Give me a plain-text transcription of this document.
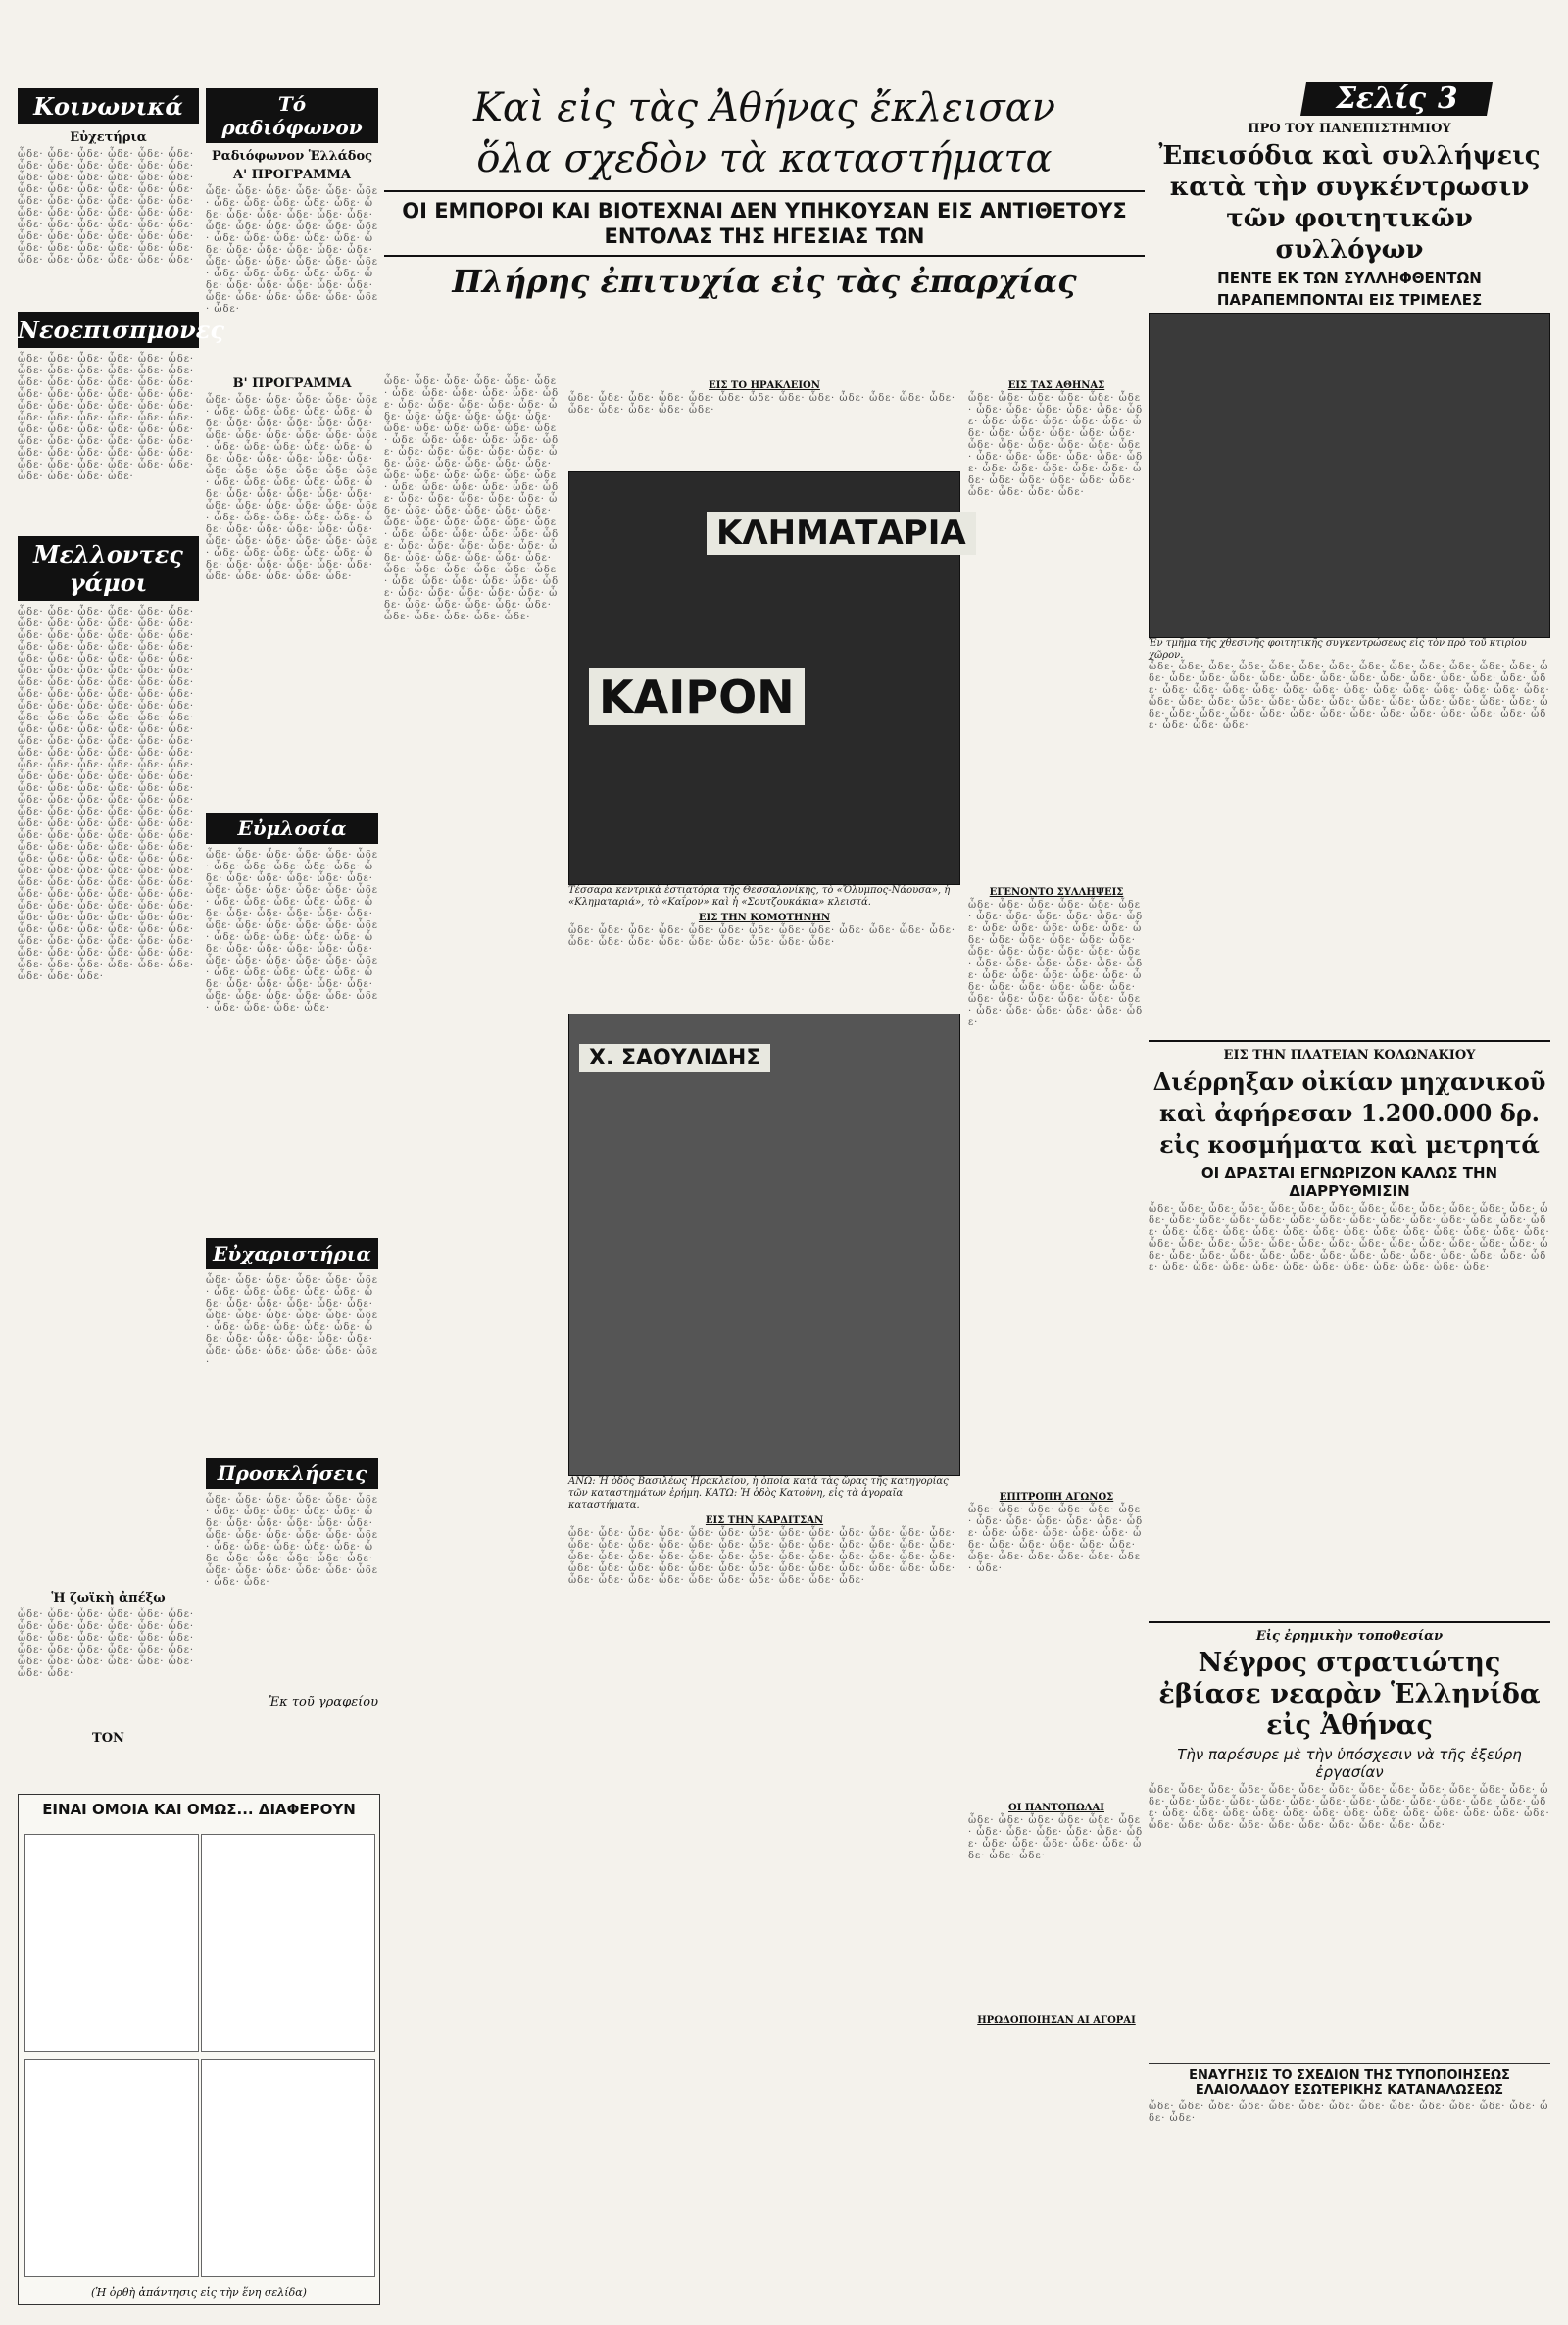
Σελίς 3
Κοινωνικά
Εὐχετήρια
ὧδε· ὧδε· ὧδε· ὧδε· ὧδε· ὧδε· ὧδε· ὧδε· ὧδε· ὧδε· ὧδε· ὧδε· ὧδε· ὧδε· ὧδε· ὧδε· ὧδε· ὧδε· ὧδε· ὧδε· ὧδε· ὧδε· ὧδε· ὧδε· ὧδε· ὧδε· ὧδε· ὧδε· ὧδε· ὧδε· ὧδε· ὧδε· ὧδε· ὧδε· ὧδε· ὧδε· ὧδε· ὧδε· ὧδε· ὧδε· ὧδε· ὧδε· ὧδε· ὧδε· ὧδε· ὧδε· ὧδε· ὧδε· ὧδε· ὧδε· ὧδε· ὧδε· ὧδε· ὧδε· ὧδε· ὧδε· ὧδε· ὧδε· ὧδε· ὧδε·
Νεοεπισπμονες
ὧδε· ὧδε· ὧδε· ὧδε· ὧδε· ὧδε· ὧδε· ὧδε· ὧδε· ὧδε· ὧδε· ὧδε· ὧδε· ὧδε· ὧδε· ὧδε· ὧδε· ὧδε· ὧδε· ὧδε· ὧδε· ὧδε· ὧδε· ὧδε· ὧδε· ὧδε· ὧδε· ὧδε· ὧδε· ὧδε· ὧδε· ὧδε· ὧδε· ὧδε· ὧδε· ὧδε· ὧδε· ὧδε· ὧδε· ὧδε· ὧδε· ὧδε· ὧδε· ὧδε· ὧδε· ὧδε· ὧδε· ὧδε· ὧδε· ὧδε· ὧδε· ὧδε· ὧδε· ὧδε· ὧδε· ὧδε· ὧδε· ὧδε· ὧδε· ὧδε· ὧδε· ὧδε· ὧδε· ὧδε·
Μελλοντες γάμοι
ὧδε· ὧδε· ὧδε· ὧδε· ὧδε· ὧδε· ὧδε· ὧδε· ὧδε· ὧδε· ὧδε· ὧδε· ὧδε· ὧδε· ὧδε· ὧδε· ὧδε· ὧδε· ὧδε· ὧδε· ὧδε· ὧδε· ὧδε· ὧδε· ὧδε· ὧδε· ὧδε· ὧδε· ὧδε· ὧδε· ὧδε· ὧδε· ὧδε· ὧδε· ὧδε· ὧδε· ὧδε· ὧδε· ὧδε· ὧδε· ὧδε· ὧδε· ὧδε· ὧδε· ὧδε· ὧδε· ὧδε· ὧδε· ὧδε· ὧδε· ὧδε· ὧδε· ὧδε· ὧδε· ὧδε· ὧδε· ὧδε· ὧδε· ὧδε· ὧδε· ὧδε· ὧδε· ὧδε· ὧδε· ὧδε· ὧδε· ὧδε· ὧδε· ὧδε· ὧδε· ὧδε· ὧδε· ὧδε· ὧδε· ὧδε· ὧδε· ὧδε· ὧδε· ὧδε· ὧδε· ὧδε· ὧδε· ὧδε· ὧδε· ὧδε· ὧδε· ὧδε· ὧδε· ὧδε· ὧδε· ὧδε· ὧδε· ὧδε· ὧδε· ὧδε· ὧδε· ὧδε· ὧδε· ὧδε· ὧδε· ὧδε· ὧδε· ὧδε· ὧδε· ὧδε· ὧδε· ὧδε· ὧδε· ὧδε· ὧδε· ὧδε· ὧδε· ὧδε· ὧδε· ὧδε· ὧδε· ὧδε· ὧδε· ὧδε· ὧδε· ὧδε· ὧδε· ὧδε· ὧδε· ὧδε· ὧδε· ὧδε· ὧδε· ὧδε· ὧδε· ὧδε· ὧδε· ὧδε· ὧδε· ὧδε· ὧδε· ὧδε· ὧδε· ὧδε· ὧδε· ὧδε· ὧδε· ὧδε· ὧδε· ὧδε· ὧδε· ὧδε· ὧδε· ὧδε· ὧδε· ὧδε· ὧδε· ὧδε· ὧδε· ὧδε· ὧδε· ὧδε· ὧδε· ὧδε· ὧδε· ὧδε· ὧδε· ὧδε· ὧδε· ὧδε· ὧδε· ὧδε· ὧδε· ὧδε· ὧδε· ὧδε· ὧδε· ὧδε· ὧδε· ὧδε· ὧδε· ὧδε· ὧδε· ὧδε· ὧδε· ὧδε· ὧδε· ὧδε· ὧδε· ὧδε· ὧδε· ὧδε· ὧδε· ὧδε·
Ἡ ζωϊκὴ ἀπέξω
ὧδε· ὧδε· ὧδε· ὧδε· ὧδε· ὧδε· ὧδε· ὧδε· ὧδε· ὧδε· ὧδε· ὧδε· ὧδε· ὧδε· ὧδε· ὧδε· ὧδε· ὧδε· ὧδε· ὧδε· ὧδε· ὧδε· ὧδε· ὧδε· ὧδε· ὧδε· ὧδε· ὧδε· ὧδε· ὧδε· ὧδε· ὧδε·
ΤΟΝ
Τό ραδιόφωνον
Ραδιόφωνον Ἑλλάδος
Α' ΠΡΟΓΡΑΜΜΑ
ὧδε· ὧδε· ὧδε· ὧδε· ὧδε· ὧδε· ὧδε· ὧδε· ὧδε· ὧδε· ὧδε· ὧδε· ὧδε· ὧδε· ὧδε· ὧδε· ὧδε· ὧδε· ὧδε· ὧδε· ὧδε· ὧδε· ὧδε· ὧδε· ὧδε· ὧδε· ὧδε· ὧδε· ὧδε· ὧδε· ὧδε· ὧδε· ὧδε· ὧδε· ὧδε· ὧδε· ὧδε· ὧδε· ὧδε· ὧδε· ὧδε· ὧδε· ὧδε· ὧδε· ὧδε· ὧδε· ὧδε· ὧδε· ὧδε· ὧδε· ὧδε· ὧδε· ὧδε· ὧδε· ὧδε· ὧδε· ὧδε· ὧδε·
Β' ΠΡΟΓΡΑΜΜΑ
ὧδε· ὧδε· ὧδε· ὧδε· ὧδε· ὧδε· ὧδε· ὧδε· ὧδε· ὧδε· ὧδε· ὧδε· ὧδε· ὧδε· ὧδε· ὧδε· ὧδε· ὧδε· ὧδε· ὧδε· ὧδε· ὧδε· ὧδε· ὧδε· ὧδε· ὧδε· ὧδε· ὧδε· ὧδε· ὧδε· ὧδε· ὧδε· ὧδε· ὧδε· ὧδε· ὧδε· ὧδε· ὧδε· ὧδε· ὧδε· ὧδε· ὧδε· ὧδε· ὧδε· ὧδε· ὧδε· ὧδε· ὧδε· ὧδε· ὧδε· ὧδε· ὧδε· ὧδε· ὧδε· ὧδε· ὧδε· ὧδε· ὧδε· ὧδε· ὧδε· ὧδε· ὧδε· ὧδε· ὧδε· ὧδε· ὧδε· ὧδε· ὧδε· ὧδε· ὧδε· ὧδε· ὧδε· ὧδε· ὧδε· ὧδε· ὧδε· ὧδε· ὧδε· ὧδε· ὧδε· ὧδε· ὧδε· ὧδε· ὧδε· ὧδε· ὧδε· ὧδε· ὧδε· ὧδε· ὧδε·
Εὐμλοσία
ὧδε· ὧδε· ὧδε· ὧδε· ὧδε· ὧδε· ὧδε· ὧδε· ὧδε· ὧδε· ὧδε· ὧδε· ὧδε· ὧδε· ὧδε· ὧδε· ὧδε· ὧδε· ὧδε· ὧδε· ὧδε· ὧδε· ὧδε· ὧδε· ὧδε· ὧδε· ὧδε· ὧδε· ὧδε· ὧδε· ὧδε· ὧδε· ὧδε· ὧδε· ὧδε· ὧδε· ὧδε· ὧδε· ὧδε· ὧδε· ὧδε· ὧδε· ὧδε· ὧδε· ὧδε· ὧδε· ὧδε· ὧδε· ὧδε· ὧδε· ὧδε· ὧδε· ὧδε· ὧδε· ὧδε· ὧδε· ὧδε· ὧδε· ὧδε· ὧδε· ὧδε· ὧδε· ὧδε· ὧδε· ὧδε· ὧδε· ὧδε· ὧδε· ὧδε· ὧδε· ὧδε· ὧδε· ὧδε· ὧδε· ὧδε· ὧδε· ὧδε· ὧδε·
Εὐχαριστήρια
ὧδε· ὧδε· ὧδε· ὧδε· ὧδε· ὧδε· ὧδε· ὧδε· ὧδε· ὧδε· ὧδε· ὧδε· ὧδε· ὧδε· ὧδε· ὧδε· ὧδε· ὧδε· ὧδε· ὧδε· ὧδε· ὧδε· ὧδε· ὧδε· ὧδε· ὧδε· ὧδε· ὧδε· ὧδε· ὧδε· ὧδε· ὧδε· ὧδε· ὧδε· ὧδε· ὧδε· ὧδε· ὧδε· ὧδε· ὧδε·
Προσκλήσεις
ὧδε· ὧδε· ὧδε· ὧδε· ὧδε· ὧδε· ὧδε· ὧδε· ὧδε· ὧδε· ὧδε· ὧδε· ὧδε· ὧδε· ὧδε· ὧδε· ὧδε· ὧδε· ὧδε· ὧδε· ὧδε· ὧδε· ὧδε· ὧδε· ὧδε· ὧδε· ὧδε· ὧδε· ὧδε· ὧδε· ὧδε· ὧδε· ὧδε· ὧδε· ὧδε· ὧδε· ὧδε· ὧδε· ὧδε· ὧδε· ὧδε· ὧδε·
Ἐκ τοῦ γραφείου
Καὶ εἰς τὰς Ἀθήνας ἔκλεισαν
ὅλα σχεδὸν τὰ καταστήματα
ΟΙ ΕΜΠΟΡΟΙ ΚΑΙ ΒΙΟΤΕΧΝΑΙ ΔΕΝ ΥΠΗΚΟΥΣΑΝ ΕΙΣ ΑΝΤΙΘΕΤΟΥΣ ΕΝΤΟΛΑΣ ΤΗΣ ΗΓΕΣΙΑΣ ΤΩΝ
Πλήρης ἐπιτυχία εἰς τὰς ἐπαρχίας
ὧδε· ὧδε· ὧδε· ὧδε· ὧδε· ὧδε· ὧδε· ὧδε· ὧδε· ὧδε· ὧδε· ὧδε· ὧδε· ὧδε· ὧδε· ὧδε· ὧδε· ὧδε· ὧδε· ὧδε· ὧδε· ὧδε· ὧδε· ὧδε· ὧδε· ὧδε· ὧδε· ὧδε· ὧδε· ὧδε· ὧδε· ὧδε· ὧδε· ὧδε· ὧδε· ὧδε· ὧδε· ὧδε· ὧδε· ὧδε· ὧδε· ὧδε· ὧδε· ὧδε· ὧδε· ὧδε· ὧδε· ὧδε· ὧδε· ὧδε· ὧδε· ὧδε· ὧδε· ὧδε· ὧδε· ὧδε· ὧδε· ὧδε· ὧδε· ὧδε· ὧδε· ὧδε· ὧδε· ὧδε· ὧδε· ὧδε· ὧδε· ὧδε· ὧδε· ὧδε· ὧδε· ὧδε· ὧδε· ὧδε· ὧδε· ὧδε· ὧδε· ὧδε· ὧδε· ὧδε· ὧδε· ὧδε· ὧδε· ὧδε· ὧδε· ὧδε· ὧδε· ὧδε· ὧδε· ὧδε· ὧδε· ὧδε· ὧδε· ὧδε· ὧδε· ὧδε· ὧδε· ὧδε· ὧδε· ὧδε· ὧδε· ὧδε· ὧδε· ὧδε· ὧδε· ὧδε· ὧδε· ὧδε· ὧδε· ὧδε· ὧδε· ὧδε· ὧδε· ὧδε· ὧδε· ὧδε· ὧδε· ὧδε· ὧδε· ὧδε·
ΕΙΣ ΤΟ ΗΡΑΚΛΕΙΟΝ
ὧδε· ὧδε· ὧδε· ὧδε· ὧδε· ὧδε· ὧδε· ὧδε· ὧδε· ὧδε· ὧδε· ὧδε· ὧδε· ὧδε· ὧδε· ὧδε· ὧδε· ὧδε·
ΚΛΗΜΑΤΑΡΙΑ
ΚΑΙΡΟΝ
Τέσσαρα κεντρικὰ ἐστιατόρια τῆς Θεσσαλονίκης, τὸ «Ὄλυμπος-Νάουσα», ἡ «Κληματαριά», τὸ «Καΐρον» καὶ ἡ «Σουτζουκάκια» κλειστά.
ΕΙΣ ΤΗΝ ΚΟΜΟΤΗΝΗΝ
ὧδε· ὧδε· ὧδε· ὧδε· ὧδε· ὧδε· ὧδε· ὧδε· ὧδε· ὧδε· ὧδε· ὧδε· ὧδε· ὧδε· ὧδε· ὧδε· ὧδε· ὧδε· ὧδε· ὧδε· ὧδε· ὧδε·
Χ. ΣΑΟΥΛΙΔΗΣ
ΑΝΩ: Ἡ ὁδὸς Βασιλέως Ἡρακλείου, ἡ ὁποία κατὰ τὰς ὥρας τῆς κατηγορίας τῶν καταστημάτων ἐρήμη. ΚΑΤΩ: Ἡ ὁδὸς Κατούνη, εἰς τὰ ἀγοραῖα καταστήματα.
ΕΙΣ ΤΗΝ ΚΑΡΔΙΤΣΑΝ
ὧδε· ὧδε· ὧδε· ὧδε· ὧδε· ὧδε· ὧδε· ὧδε· ὧδε· ὧδε· ὧδε· ὧδε· ὧδε· ὧδε· ὧδε· ὧδε· ὧδε· ὧδε· ὧδε· ὧδε· ὧδε· ὧδε· ὧδε· ὧδε· ὧδε· ὧδε· ὧδε· ὧδε· ὧδε· ὧδε· ὧδε· ὧδε· ὧδε· ὧδε· ὧδε· ὧδε· ὧδε· ὧδε· ὧδε· ὧδε· ὧδε· ὧδε· ὧδε· ὧδε· ὧδε· ὧδε· ὧδε· ὧδε· ὧδε· ὧδε· ὧδε· ὧδε· ὧδε· ὧδε· ὧδε· ὧδε· ὧδε· ὧδε· ὧδε· ὧδε· ὧδε· ὧδε·
ΕΙΣ ΤΑΣ ΑΘΗΝΑΣ
ὧδε· ὧδε· ὧδε· ὧδε· ὧδε· ὧδε· ὧδε· ὧδε· ὧδε· ὧδε· ὧδε· ὧδε· ὧδε· ὧδε· ὧδε· ὧδε· ὧδε· ὧδε· ὧδε· ὧδε· ὧδε· ὧδε· ὧδε· ὧδε· ὧδε· ὧδε· ὧδε· ὧδε· ὧδε· ὧδε· ὧδε· ὧδε· ὧδε· ὧδε· ὧδε· ὧδε· ὧδε· ὧδε· ὧδε· ὧδε· ὧδε· ὧδε· ὧδε· ὧδε· ὧδε· ὧδε· ὧδε· ὧδε· ὧδε· ὧδε·
ΕΓΕΝΟΝΤΟ ΣΥΛΛΗΨΕΙΣ
ὧδε· ὧδε· ὧδε· ὧδε· ὧδε· ὧδε· ὧδε· ὧδε· ὧδε· ὧδε· ὧδε· ὧδε· ὧδε· ὧδε· ὧδε· ὧδε· ὧδε· ὧδε· ὧδε· ὧδε· ὧδε· ὧδε· ὧδε· ὧδε· ὧδε· ὧδε· ὧδε· ὧδε· ὧδε· ὧδε· ὧδε· ὧδε· ὧδε· ὧδε· ὧδε· ὧδε· ὧδε· ὧδε· ὧδε· ὧδε· ὧδε· ὧδε· ὧδε· ὧδε· ὧδε· ὧδε· ὧδε· ὧδε· ὧδε· ὧδε· ὧδε· ὧδε· ὧδε· ὧδε· ὧδε· ὧδε· ὧδε· ὧδε·
ΕΠΙΤΡΟΠΗ ΑΓΩΝΟΣ
ὧδε· ὧδε· ὧδε· ὧδε· ὧδε· ὧδε· ὧδε· ὧδε· ὧδε· ὧδε· ὧδε· ὧδε· ὧδε· ὧδε· ὧδε· ὧδε· ὧδε· ὧδε· ὧδε· ὧδε· ὧδε· ὧδε· ὧδε· ὧδε· ὧδε· ὧδε· ὧδε· ὧδε· ὧδε· ὧδε·
ΟΙ ΠΑΝΤΟΠΩΛΑΙ
ὧδε· ὧδε· ὧδε· ὧδε· ὧδε· ὧδε· ὧδε· ὧδε· ὧδε· ὧδε· ὧδε· ὧδε· ὧδε· ὧδε· ὧδε· ὧδε· ὧδε· ὧδε· ὧδε· ὧδε·
ΗΡΩΔΟΠΟΙΗΣΑΝ ΑΙ ΑΓΟΡΑΙ
ΠΡΟ ΤΟΥ ΠΑΝΕΠΙΣΤΗΜΙΟΥ
Ἐπεισόδια καὶ συλλήψεις κατὰ τὴν συγκέντρωσιν τῶν φοιτητικῶν συλλόγων
ΠΕΝΤΕ ΕΚ ΤΩΝ ΣΥΛΛΗΦΘΕΝΤΩΝ
ΠΑΡΑΠΕΜΠΟΝΤΑΙ ΕΙΣ ΤΡΙΜΕΛΕΣ
Ἐν τμῆμα τῆς χθεσινῆς φοιτητικῆς συγκεντρώσεως εἰς τὸν πρὸ τοῦ κτιρίου χῶρον.
ὧδε· ὧδε· ὧδε· ὧδε· ὧδε· ὧδε· ὧδε· ὧδε· ὧδε· ὧδε· ὧδε· ὧδε· ὧδε· ὧδε· ὧδε· ὧδε· ὧδε· ὧδε· ὧδε· ὧδε· ὧδε· ὧδε· ὧδε· ὧδε· ὧδε· ὧδε· ὧδε· ὧδε· ὧδε· ὧδε· ὧδε· ὧδε· ὧδε· ὧδε· ὧδε· ὧδε· ὧδε· ὧδε· ὧδε· ὧδε· ὧδε· ὧδε· ὧδε· ὧδε· ὧδε· ὧδε· ὧδε· ὧδε· ὧδε· ὧδε· ὧδε· ὧδε· ὧδε· ὧδε· ὧδε· ὧδε· ὧδε· ὧδε· ὧδε· ὧδε· ὧδε· ὧδε· ὧδε· ὧδε· ὧδε· ὧδε· ὧδε· ὧδε· ὧδε· ὧδε·
ΕΙΣ ΤΗΝ ΠΛΑΤΕΙΑΝ ΚΟΛΩΝΑΚΙΟΥ
Διέρρηξαν οἰκίαν μηχανικοῦ καὶ ἀφήρεσαν 1.200.000 δρ. εἰς κοσμήματα καὶ μετρητά
ΟΙ ΔΡΑΣΤΑΙ ΕΓΝΩΡΙΖΟΝ ΚΑΛΩΣ ΤΗΝ ΔΙΑΡΡΥΘΜΙΣΙΝ
ὧδε· ὧδε· ὧδε· ὧδε· ὧδε· ὧδε· ὧδε· ὧδε· ὧδε· ὧδε· ὧδε· ὧδε· ὧδε· ὧδε· ὧδε· ὧδε· ὧδε· ὧδε· ὧδε· ὧδε· ὧδε· ὧδε· ὧδε· ὧδε· ὧδε· ὧδε· ὧδε· ὧδε· ὧδε· ὧδε· ὧδε· ὧδε· ὧδε· ὧδε· ὧδε· ὧδε· ὧδε· ὧδε· ὧδε· ὧδε· ὧδε· ὧδε· ὧδε· ὧδε· ὧδε· ὧδε· ὧδε· ὧδε· ὧδε· ὧδε· ὧδε· ὧδε· ὧδε· ὧδε· ὧδε· ὧδε· ὧδε· ὧδε· ὧδε· ὧδε· ὧδε· ὧδε· ὧδε· ὧδε· ὧδε· ὧδε· ὧδε· ὧδε· ὧδε· ὧδε· ὧδε· ὧδε· ὧδε· ὧδε· ὧδε· ὧδε· ὧδε· ὧδε·
Εἰς ἐρημικὴν τοποθεσίαν
Νέγρος στρατιώτης ἐβίασε νεαρὰν Ἑλληνίδα εἰς Ἀθήνας
Τὴν παρέσυρε μὲ τὴν ὑπόσχεσιν νὰ τῆς ἐξεύρη ἐργασίαν
ὧδε· ὧδε· ὧδε· ὧδε· ὧδε· ὧδε· ὧδε· ὧδε· ὧδε· ὧδε· ὧδε· ὧδε· ὧδε· ὧδε· ὧδε· ὧδε· ὧδε· ὧδε· ὧδε· ὧδε· ὧδε· ὧδε· ὧδε· ὧδε· ὧδε· ὧδε· ὧδε· ὧδε· ὧδε· ὧδε· ὧδε· ὧδε· ὧδε· ὧδε· ὧδε· ὧδε· ὧδε· ὧδε· ὧδε· ὧδε· ὧδε· ὧδε· ὧδε· ὧδε· ὧδε· ὧδε· ὧδε· ὧδε· ὧδε· ὧδε·
ΕΝΑΥΓΗΣΙΣ ΤΟ ΣΧΕΔΙΟΝ ΤΗΣ ΤΥΠΟΠΟΙΗΣΕΩΣ ΕΛΑΙΟΛΑΔΟΥ ΕΣΩΤΕΡΙΚΗΣ ΚΑΤΑΝΑΛΩΣΕΩΣ
ὧδε· ὧδε· ὧδε· ὧδε· ὧδε· ὧδε· ὧδε· ὧδε· ὧδε· ὧδε· ὧδε· ὧδε· ὧδε· ὧδε· ὧδε·
ΕΙΝΑΙ ΟΜΟΙΑ ΚΑΙ ΟΜΩΣ... ΔΙΑΦΕΡΟΥΝ
(Ἡ ὀρθὴ ἀπάντησις εἰς τὴν ἕνη σελίδα)
